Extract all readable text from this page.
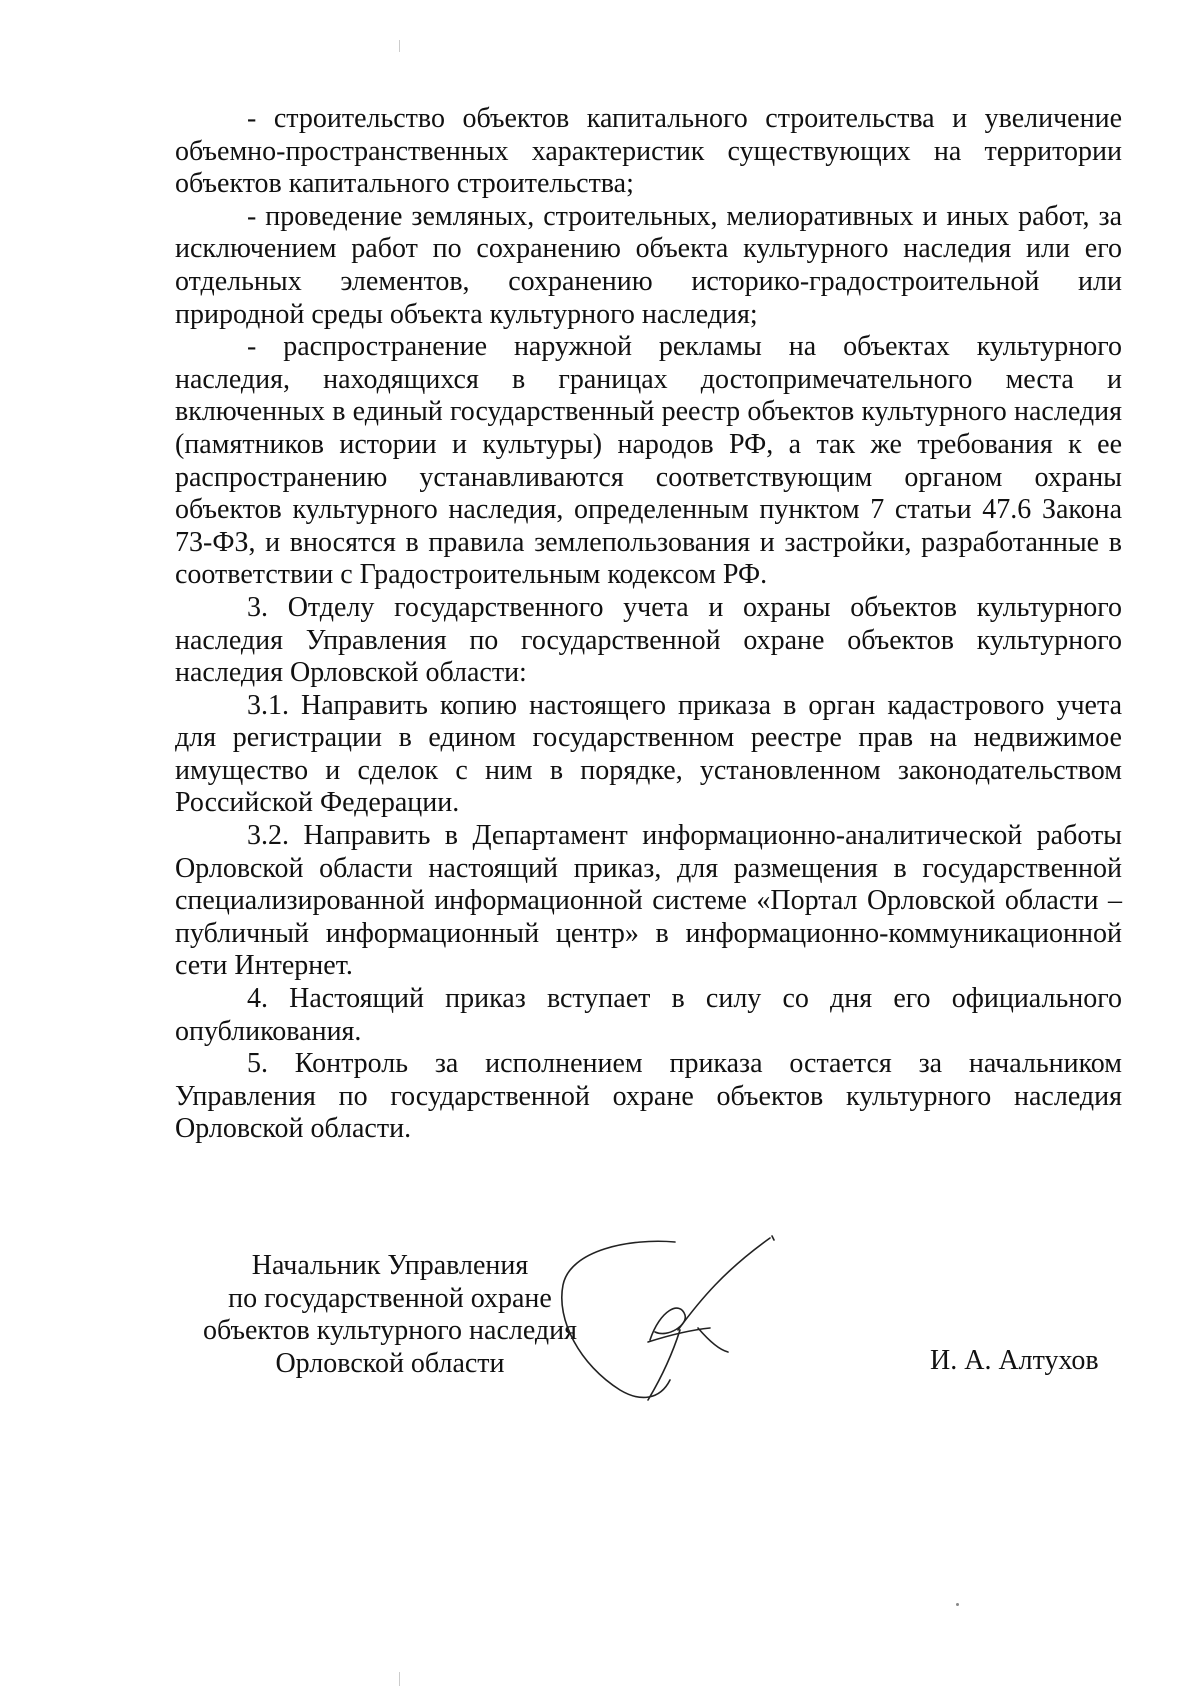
- строительство объектов капитального строительства и увеличение объемно-пространственных характеристик существующих на территории объектов капитального строительства;

- проведение земляных, строительных, мелиоративных и иных работ, за исключением работ по сохранению объекта культурного наследия или его отдельных элементов, сохранению историко-градостроительной или природной среды объекта культурного наследия;

- распространение наружной рекламы на объектах культурного наследия, находящихся в границах достопримечательного места и включенных в единый государственный реестр объектов культурного наследия (памятников истории и культуры) народов РФ, а так же требования к ее распространению устанавливаются соответствующим органом охраны объектов культурного наследия, определенным пунктом 7 статьи 47.6 Закона 73-ФЗ, и вносятся в правила землепользования и застройки, разработанные в соответствии с Градостроительным кодексом РФ.

3. Отделу государственного учета и охраны объектов культурного наследия Управления по государственной охране объектов культурного наследия Орловской области:

3.1. Направить копию настоящего приказа в орган кадастрового учета для регистрации в едином государственном реестре прав на недвижимое имущество и сделок с ним в порядке, установленном законодательством Российской Федерации.

3.2. Направить в Департамент информационно-аналитической работы Орловской области настоящий приказ, для размещения в государственной специализированной информационной системе «Портал Орловской области – публичный информационный центр» в информационно-коммуникационной сети Интернет.

4. Настоящий приказ вступает в силу со дня его официального опубликования.

5. Контроль за исполнением приказа остается за начальником Управления по государственной охране объектов культурного наследия Орловской области.

Начальник Управления
по государственной охране
объектов культурного наследия
Орловской области	И. А. Алтухов
